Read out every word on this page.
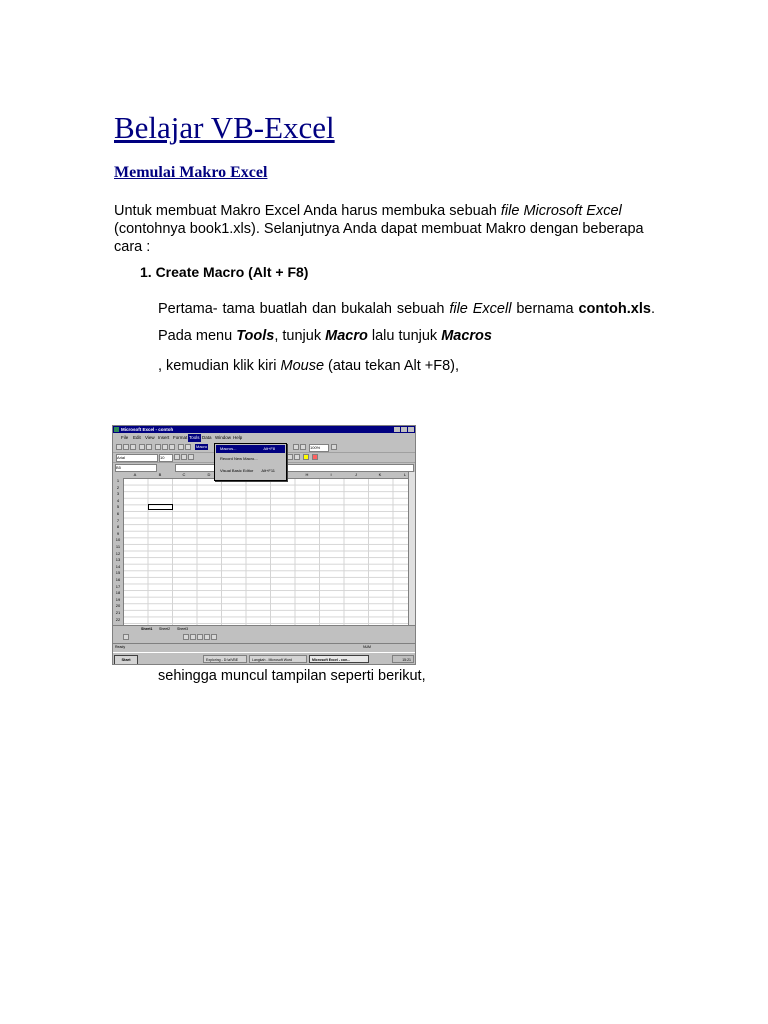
Belajar VB-Excel
Memulai Makro Excel

Untuk membuat Makro Excel Anda harus membuka sebuah file Microsoft Excel (contohnya book1.xls). Selanjutnya Anda dapat membuat Makro dengan beberapa cara :

1. Create Macro (Alt + F8)

Pertama- tama buatlah dan bukalah sebuah file Excell bernama contoh.xls. Pada menu Tools, tunjuk Macro lalu tunjuk Macros

, kemudian klik kiri Mouse (atau tekan Alt +F8),

Microsoft Excel - contoh
File Edit View Insert Format Tools Data Window Help
Macro	100%
Arial	10
B5
A	B	C	D	H	I	J	K	L
1
2
3
4
5
6
7
8
9
10
11
12
13
14
15
16
17
18
19
20
21
22
Macros...	Alt+F8
Record New Macro...
Visual Basic Editor Alt+F11
Sheet1 Sheet2 Sheet3
Ready	NUM
Start	Exploring - D:\a\VBE	Langkah - Microsoft Word	Microsoft Excel - con...	15:21

sehingga muncul tampilan seperti berikut,
